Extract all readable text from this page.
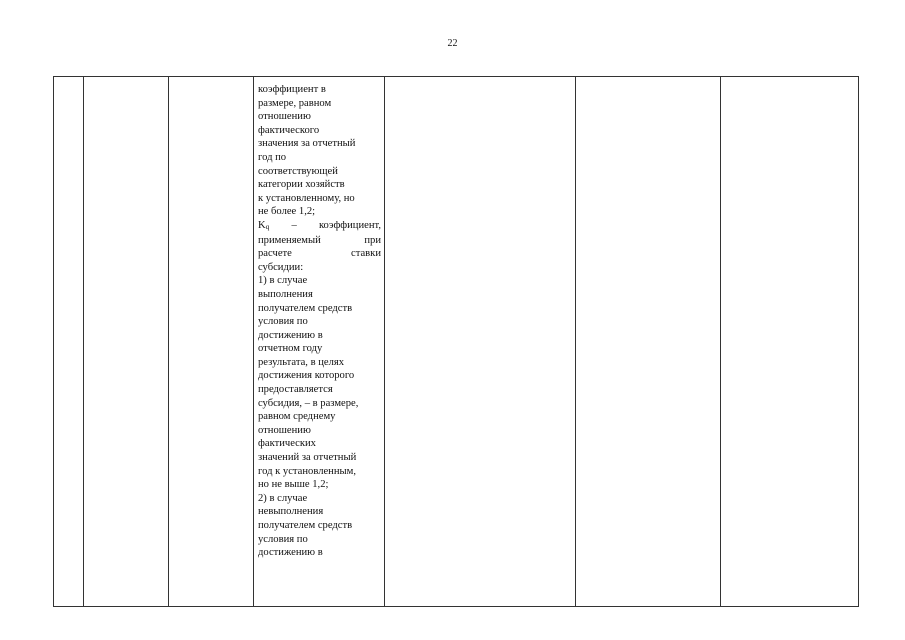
22

коэффициент в

размере, равном

отношению

фактического

значения за отчетный

год по

соответствующей

категории хозяйств

к установленному, но

не более 1,2;

Kq – коэффициент,

применяемый при

расчете ставки

субсидии:

1) в случае

выполнения

получателем средств

условия по

достижению в

отчетном году

результата, в целях

достижения которого

предоставляется

субсидия, – в размере,

равном среднему

отношению

фактических

значений за отчетный

год к установленным,

но не выше 1,2;

2) в случае

невыполнения

получателем средств

условия по

достижению в
